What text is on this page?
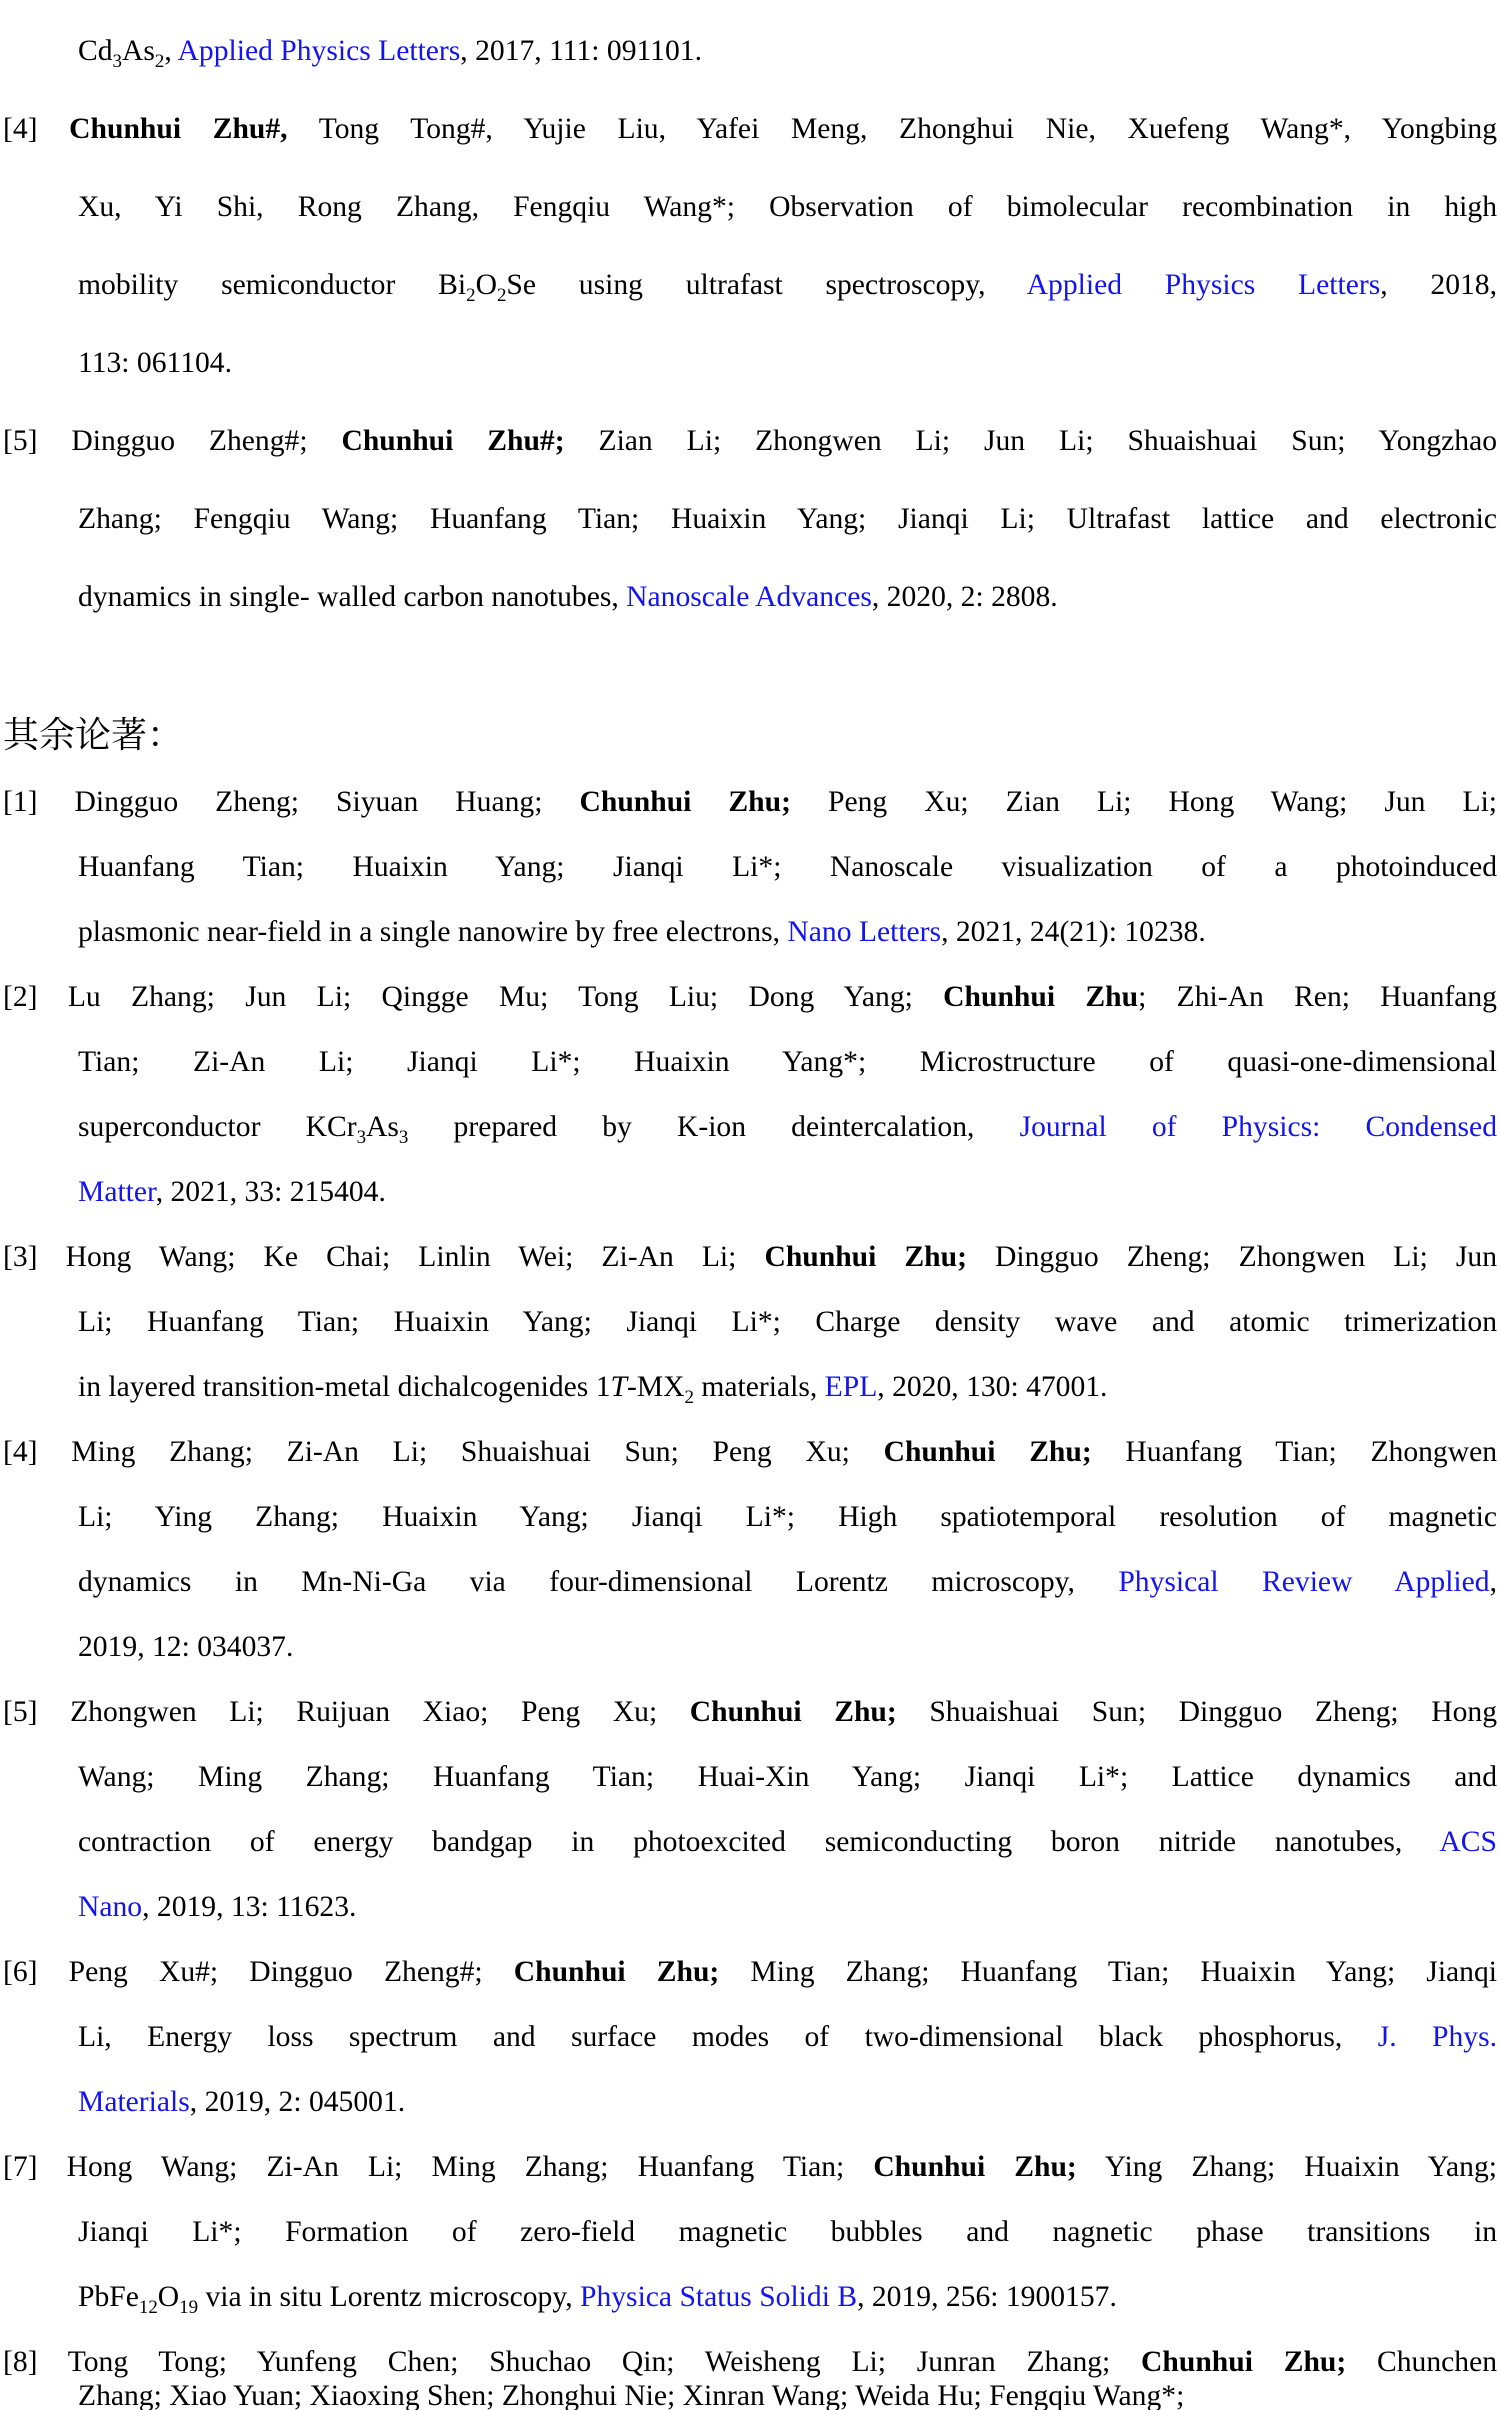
$Cd_3As_2$, Applied Physics Letters, 2017, 111: 091101.
[4] Chunhui Zhu#, Tong Tong#, Yujie Liu, Yafei Meng, Zhonghui Nie, Xuefeng Wang*, Yongbing
Xu, Yi Shi, Rong Zhang, Fengqiu Wang*; Observation of bimolecular recombination in high
mobility semiconductor $Bi_2O_2Se$ using ultrafast spectroscopy, Applied Physics Letters, 2018,
113: 061104.
[5] Dingguo Zheng#; Chunhui Zhu#; Zian Li; Zhongwen Li; Jun Li; Shuaishuai Sun; Yongzhao
Zhang; Fengqiu Wang; Huanfang Tian; Huaixin Yang; Jianqi Li; Ultrafast lattice and electronic
dynamics in single- walled carbon nanotubes, Nanoscale Advances, 2020, 2: 2808.
其余论著：
[1] Dingguo Zheng; Siyuan Huang; Chunhui Zhu; Peng Xu; Zian Li; Hong Wang; Jun Li;
Huanfang Tian; Huaixin Yang; Jianqi Li*; Nanoscale visualization of a photoinduced
plasmonic near-field in a single nanowire by free electrons, Nano Letters, 2021, 24(21): 10238.
[2] Lu Zhang; Jun Li; Qingge Mu; Tong Liu; Dong Yang; Chunhui Zhu; Zhi-An Ren; Huanfang
Tian; Zi-An Li; Jianqi Li*; Huaixin Yang*; Microstructure of quasi-one-dimensional
superconductor $KCr_3As_3$ prepared by K-ion deintercalation, Journal of Physics: Condensed
Matter, 2021, 33: 215404.
[3] Hong Wang; Ke Chai; Linlin Wei; Zi-An Li; Chunhui Zhu; Dingguo Zheng; Zhongwen Li; Jun
Li; Huanfang Tian; Huaixin Yang; Jianqi Li*; Charge density wave and atomic trimerization
in layered transition-metal dichalcogenides $1T-MX_2$ materials, EPL, 2020, 130: 47001.
[4] Ming Zhang; Zi-An Li; Shuaishuai Sun; Peng Xu; Chunhui Zhu; Huanfang Tian; Zhongwen
Li; Ying Zhang; Huaixin Yang; Jianqi Li*; High spatiotemporal resolution of magnetic
dynamics in Mn-Ni-Ga via four-dimensional Lorentz microscopy, Physical Review Applied,
2019, 12: 034037.
[5] Zhongwen Li; Ruijuan Xiao; Peng Xu; Chunhui Zhu; Shuaishuai Sun; Dingguo Zheng; Hong
Wang; Ming Zhang; Huanfang Tian; Huai-Xin Yang; Jianqi Li*; Lattice dynamics and
contraction of energy bandgap in photoexcited semiconducting boron nitride nanotubes, ACS
Nano, 2019, 13: 11623.
[6] Peng Xu#; Dingguo Zheng#; Chunhui Zhu; Ming Zhang; Huanfang Tian; Huaixin Yang; Jianqi
Li, Energy loss spectrum and surface modes of two-dimensional black phosphorus, J. Phys.
Materials, 2019, 2: 045001.
[7] Hong Wang; Zi-An Li; Ming Zhang; Huanfang Tian; Chunhui Zhu; Ying Zhang; Huaixin Yang;
Jianqi Li*; Formation of zero-field magnetic bubbles and nagnetic phase transitions in
$PbFe_{12}O_{19}$ via in situ Lorentz microscopy, Physica Status Solidi B, 2019, 256: 1900157.
[8] Tong Tong; Yunfeng Chen; Shuchao Qin; Weisheng Li; Junran Zhang; Chunhui Zhu; Chunchen
Zhang; Xiao Yuan; Xiaoxing Shen; Zhonghui Nie; Xinran Wang; Weida Hu; Fengqiu Wang*;
